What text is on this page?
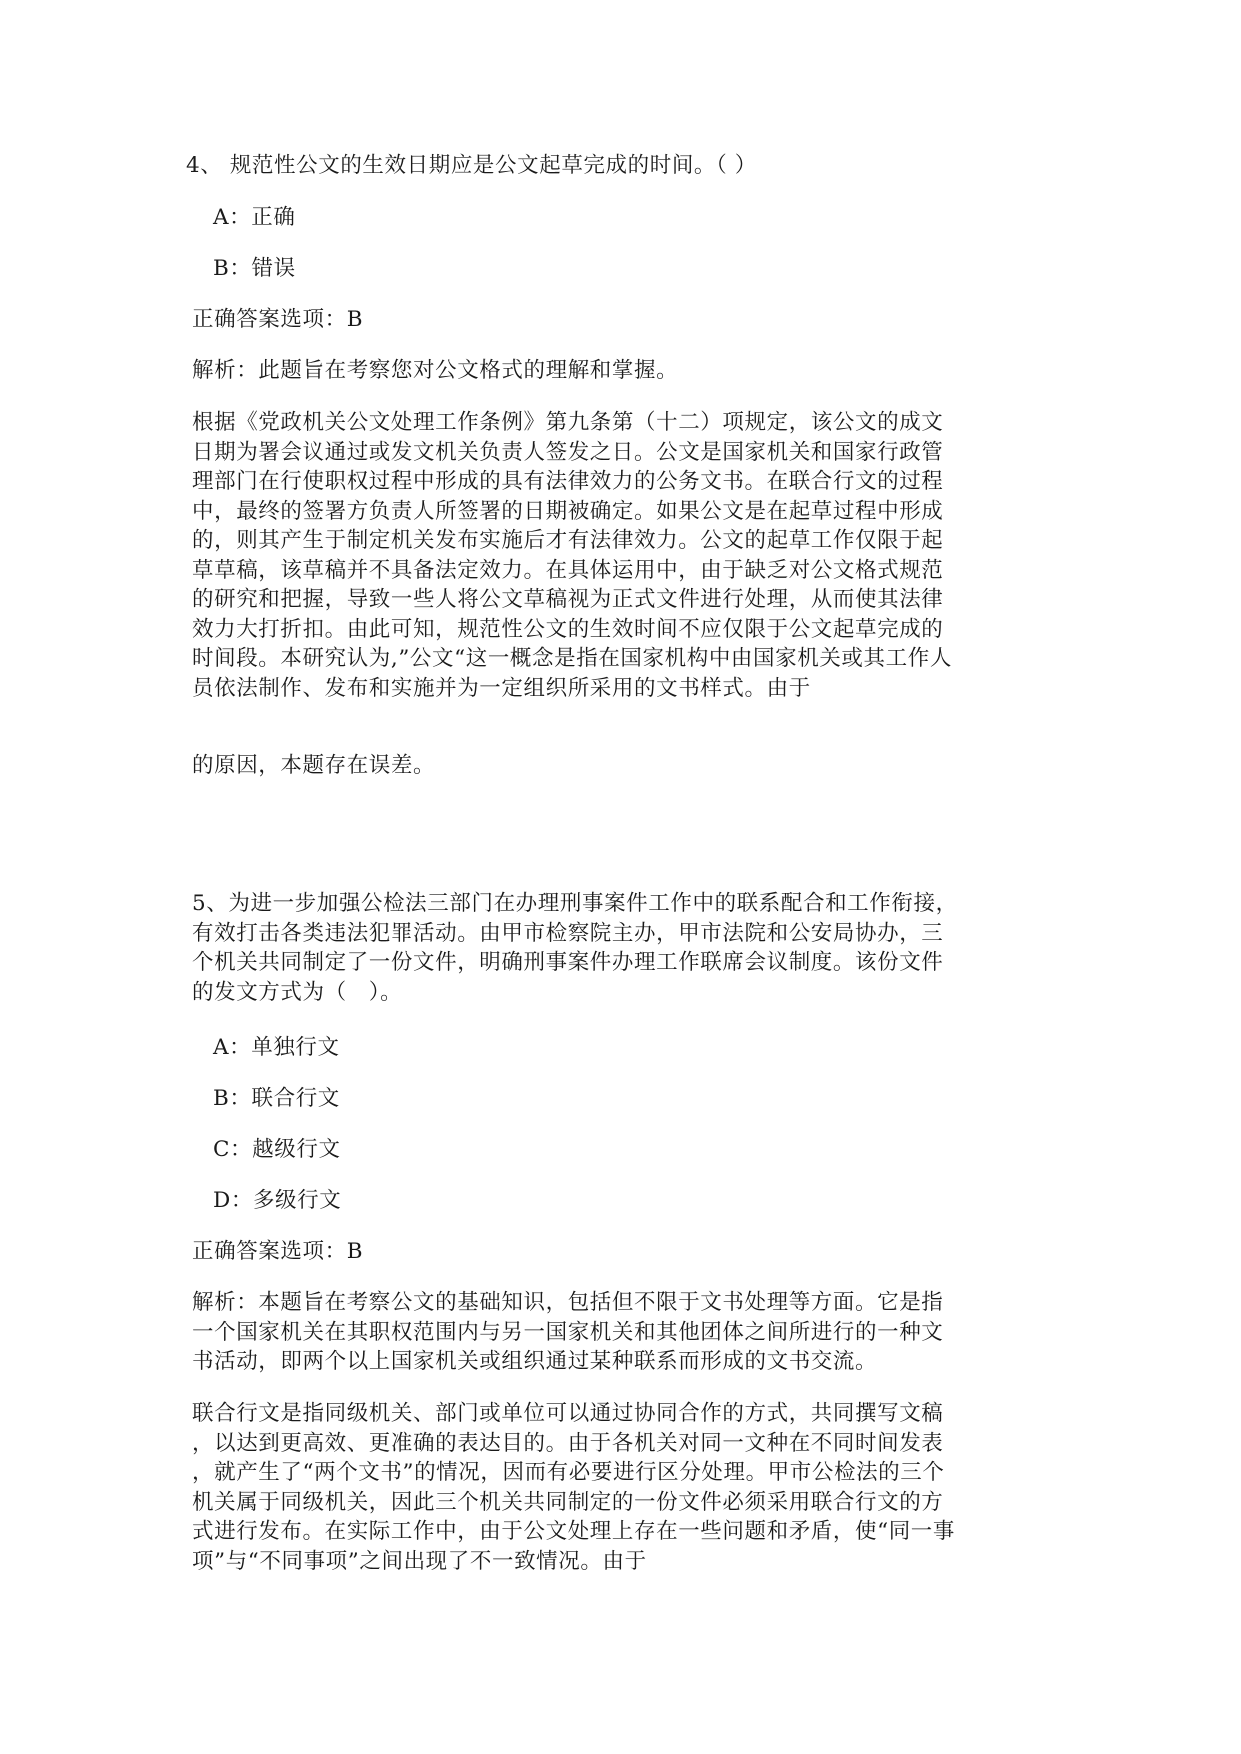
4、 规范性公文的生效日期应是公文起草完成的时间。（ ）
A：正确
B：错误
正确答案选项：B
解析：此题旨在考察您对公文格式的理解和掌握。
根据《党政机关公文处理工作条例》第九条第（十二）项规定，该公文的成文
日期为署会议通过或发文机关负责人签发之日。公文是国家机关和国家行政管
理部门在行使职权过程中形成的具有法律效力的公务文书。在联合行文的过程
中，最终的签署方负责人所签署的日期被确定。如果公文是在起草过程中形成
的，则其产生于制定机关发布实施后才有法律效力。公文的起草工作仅限于起
草草稿，该草稿并不具备法定效力。在具体运用中，由于缺乏对公文格式规范
的研究和把握，导致一些人将公文草稿视为正式文件进行处理，从而使其法律
效力大打折扣。由此可知，规范性公文的生效时间不应仅限于公文起草完成的
时间段。本研究认为,”公文“这一概念是指在国家机构中由国家机关或其工作人
员依法制作、发布和实施并为一定组织所采用的文书样式。由于
的原因，本题存在误差。
5、为进一步加强公检法三部门在办理刑事案件工作中的联系配合和工作衔接，
有效打击各类违法犯罪活动。由甲市检察院主办，甲市法院和公安局协办，三
个机关共同制定了一份文件，明确刑事案件办理工作联席会议制度。该份文件
的发文方式为（　）。
A：单独行文
B：联合行文
C：越级行文
D：多级行文
正确答案选项：B
解析：本题旨在考察公文的基础知识，包括但不限于文书处理等方面。它是指
一个国家机关在其职权范围内与另一国家机关和其他团体之间所进行的一种文
书活动，即两个以上国家机关或组织通过某种联系而形成的文书交流。
联合行文是指同级机关、部门或单位可以通过协同合作的方式，共同撰写文稿
，以达到更高效、更准确的表达目的。由于各机关对同一文种在不同时间发表
，就产生了“两个文书”的情况，因而有必要进行区分处理。甲市公检法的三个
机关属于同级机关，因此三个机关共同制定的一份文件必须采用联合行文的方
式进行发布。在实际工作中，由于公文处理上存在一些问题和矛盾，使“同一事
项”与“不同事项”之间出现了不一致情况。由于
